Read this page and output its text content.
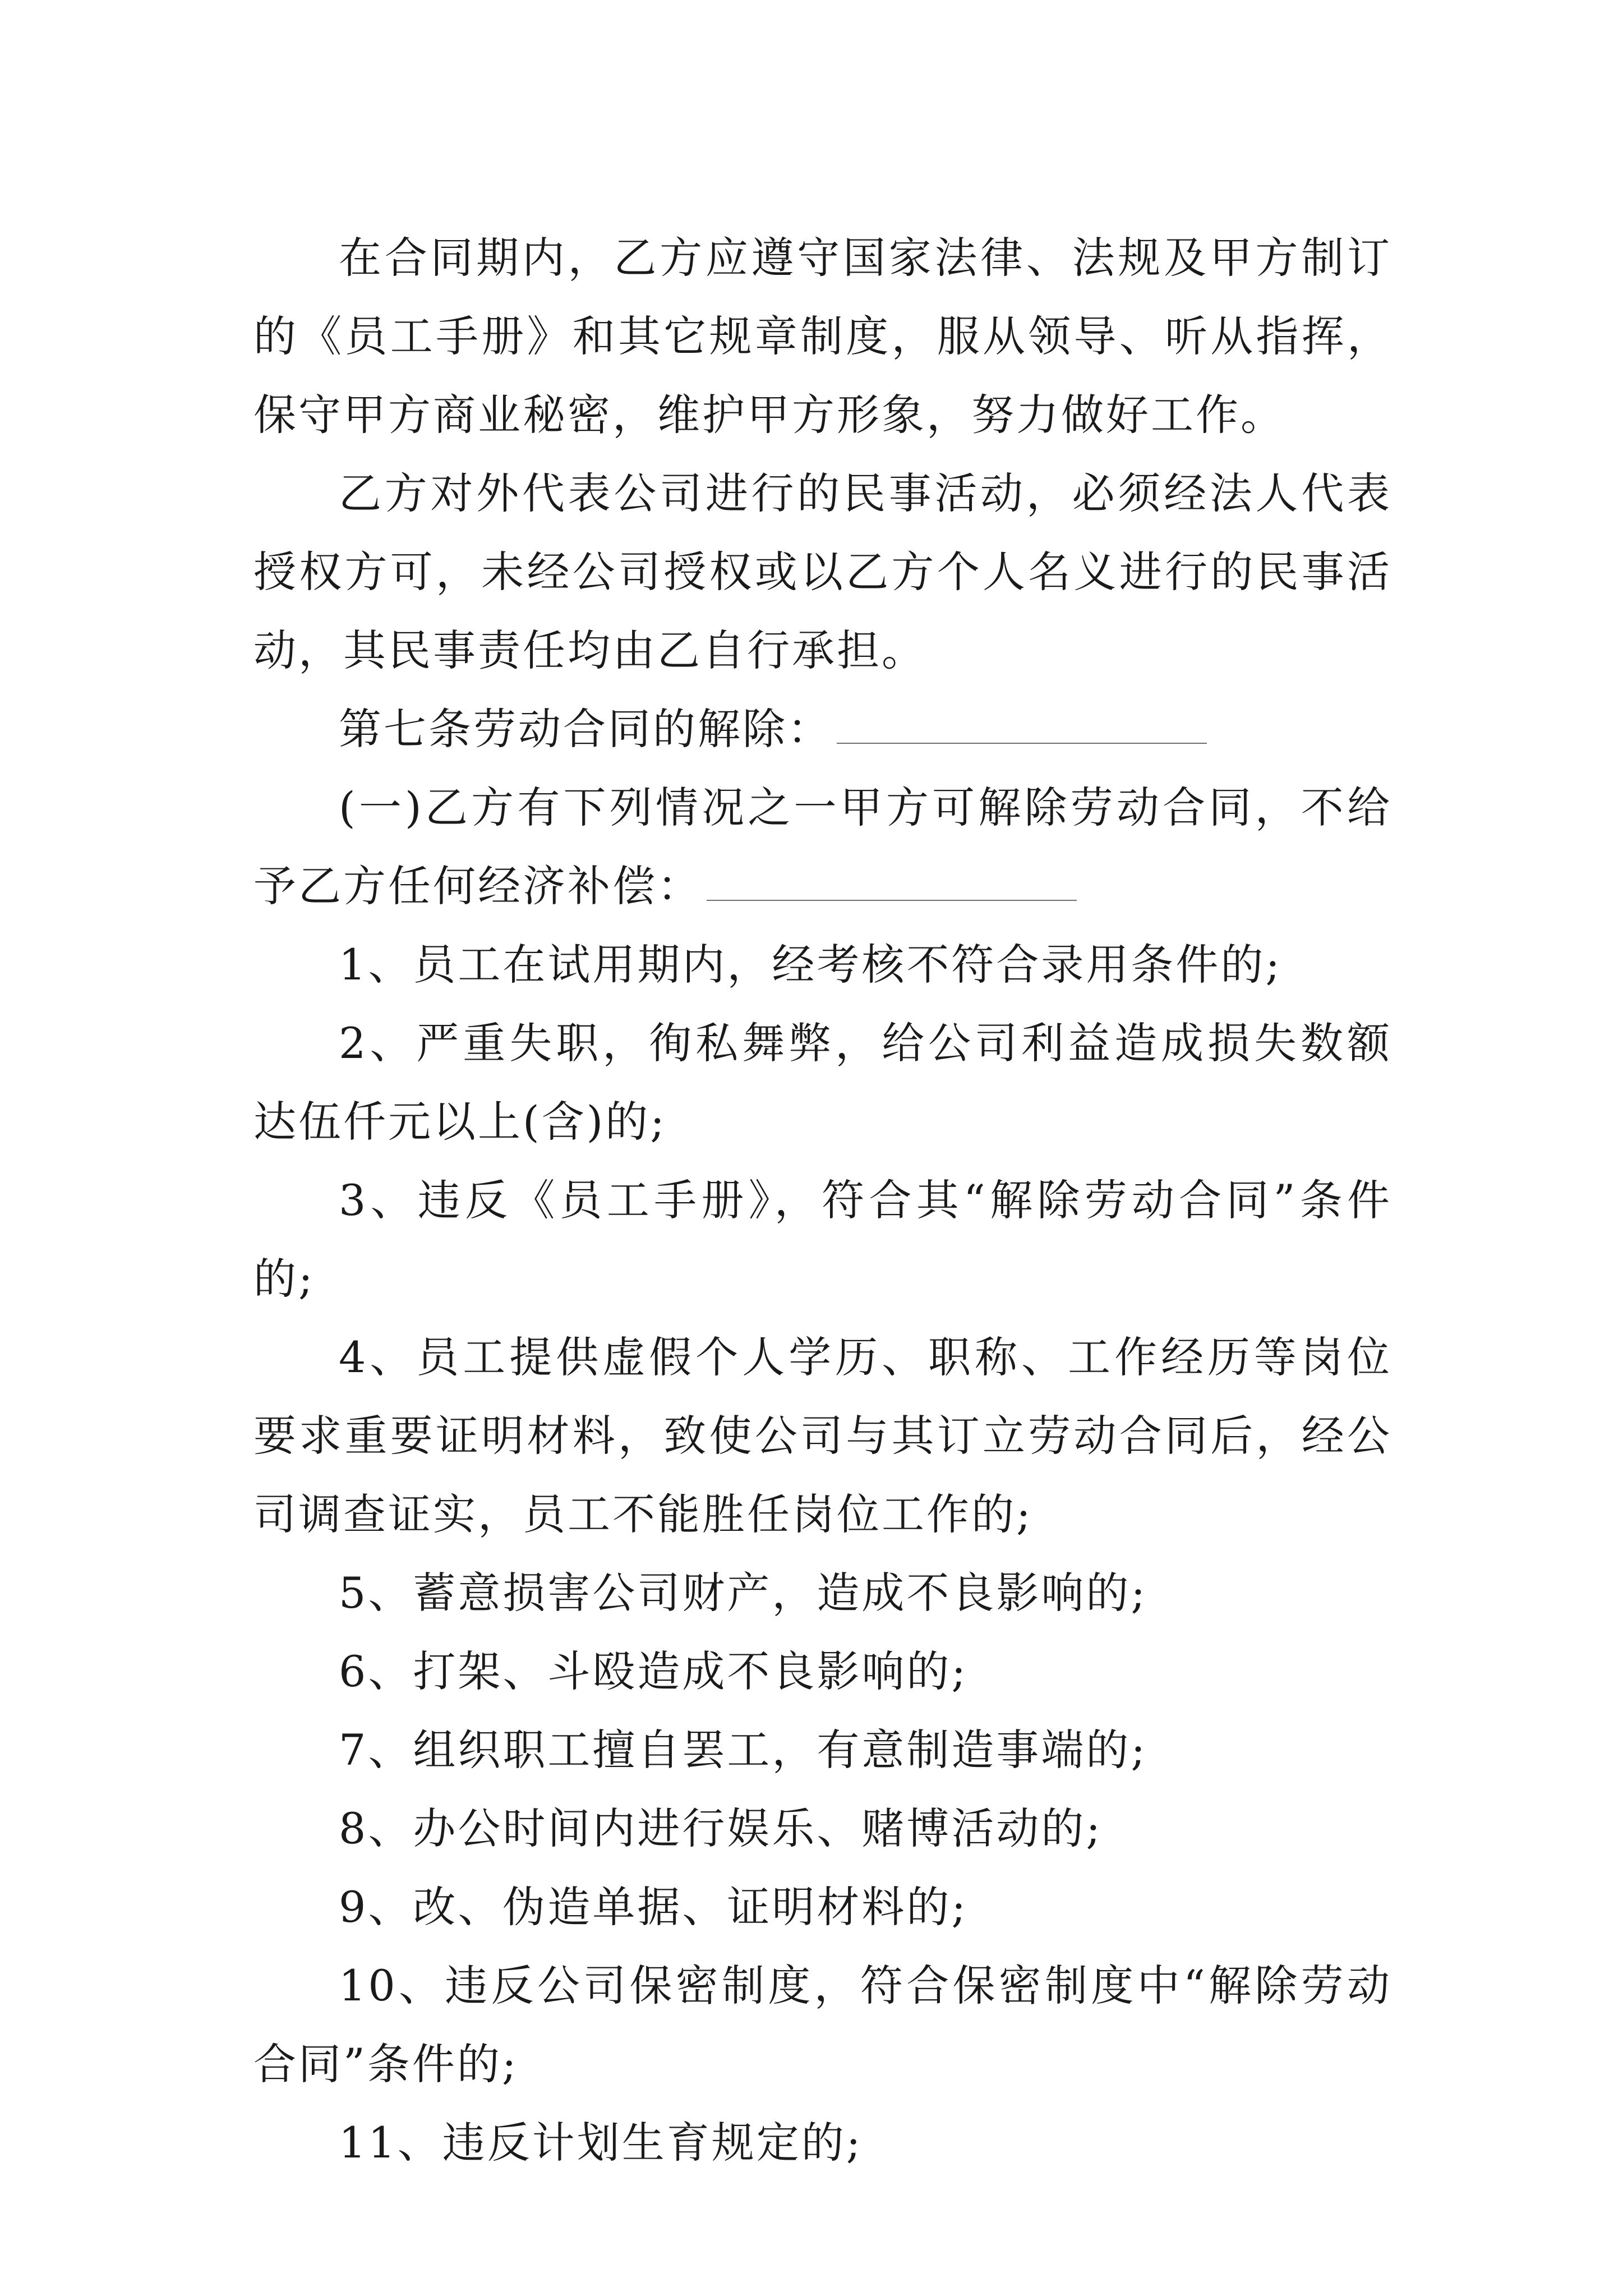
在合同期内，乙方应遵守国家法律、法规及甲方制订的《员工手册》和其它规章制度，服从领导、听从指挥，保守甲方商业秘密，维护甲方形象，努力做好工作。

乙方对外代表公司进行的民事活动，必须经法人代表授权方可，未经公司授权或以乙方个人名义进行的民事活动，其民事责任均由乙自行承担。

第七条劳动合同的解除：

(一)乙方有下列情况之一甲方可解除劳动合同，不给予乙方任何经济补偿：

1、员工在试用期内，经考核不符合录用条件的;

2、严重失职，徇私舞弊，给公司利益造成损失数额达伍仟元以上(含)的;

3、违反《员工手册》，符合其“解除劳动合同”条件的;

4、员工提供虚假个人学历、职称、工作经历等岗位要求重要证明材料，致使公司与其订立劳动合同后，经公司调查证实，员工不能胜任岗位工作的;

5、蓄意损害公司财产，造成不良影响的;

6、打架、斗殴造成不良影响的;

7、组织职工擅自罢工，有意制造事端的;

8、办公时间内进行娱乐、赌博活动的;

9、改、伪造单据、证明材料的;

10、违反公司保密制度，符合保密制度中“解除劳动合同”条件的;

11、违反计划生育规定的;
